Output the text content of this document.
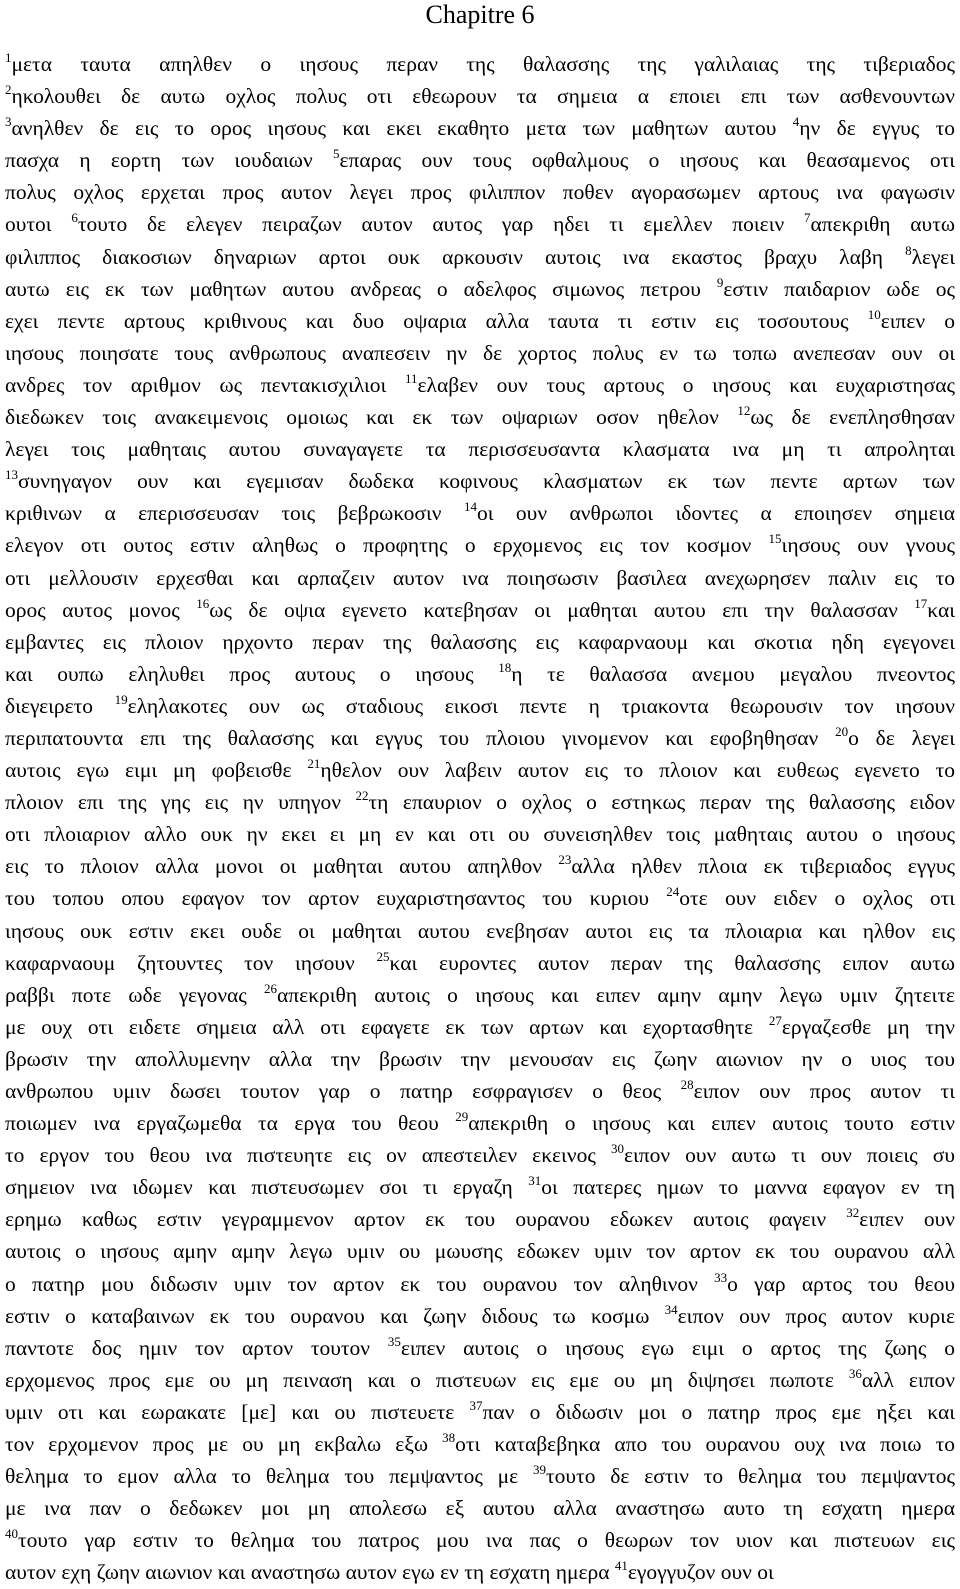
Chapitre 6
$^1$μετα ταυτα απηλθεν ο ιησους περαν της θαλασσης της γαλιλαιας της τιβεριαδος
$^2$ηκολουθει δε αυτω οχλος πολυς οτι εθεωρουν τα σημεια α εποιει επι των ασθενουντων
$^3$ανηλθεν δε εις το ορος ιησους και εκει εκαθητο μετα των μαθητων αυτου $^4$ην δε εγγυς το
πασχα η εορτη των ιουδαιων $^5$επαρας ουν τους οφθαλμους ο ιησους και θεασαμενος οτι
πολυς οχλος ερχεται προς αυτον λεγει προς φιλιππον ποθεν αγορασωμεν αρτους ινα φαγωσιν
ουτοι $^6$τουτο δε ελεγεν πειραζων αυτον αυτος γαρ ηδει τι εμελλεν ποιειν $^7$απεκριθη αυτω
φιλιππος διακοσιων δηναριων αρτοι ουκ αρκουσιν αυτοις ινα εκαστος βραχυ λαβη $^8$λεγει
αυτω εις εκ των μαθητων αυτου ανδρεας ο αδελφος σιμωνος πετρου $^9$εστιν παιδαριον ωδε ος
εχει πεντε αρτους κριθινους και δυο οψαρια αλλα ταυτα τι εστιν εις τοσουτους $^{10}$ειπεν ο
ιησους ποιησατε τους ανθρωπους αναπεσειν ην δε χορτος πολυς εν τω τοπω ανεπεσαν ουν οι
ανδρες τον αριθμον ως πεντακισχιλιοι $^{11}$ελαβεν ουν τους αρτους ο ιησους και ευχαριστησας
διεδωκεν τοις ανακειμενοις ομοιως και εκ των οψαριων οσον ηθελον $^{12}$ως δε ενεπλησθησαν
λεγει τοις μαθηταις αυτου συναγαγετε τα περισσευσαντα κλασματα ινα μη τι απροληται
$^{13}$συνηγαγον ουν και εγεμισαν δωδεκα κοφινους κλασματων εκ των πεντε αρτων των
κριθινων α επερισσευσαν τοις βεβρωκοσιν $^{14}$οι ουν ανθρωποι ιδοντες α εποιησεν σημεια
ελεγον οτι ουτος εστιν αληθως ο προφητης ο ερχομενος εις τον κοσμον $^{15}$ιησους ουν γνους
οτι μελλουσιν ερχεσθαι και αρπαζειν αυτον ινα ποιησωσιν βασιλεα ανεχωρησεν παλιν εις το
ορος αυτος μονος $^{16}$ως δε οψια εγενετο κατεβησαν οι μαθηται αυτου επι την θαλασσαν $^{17}$και
εμβαντες εις πλοιον ηρχοντο περαν της θαλασσης εις καφαρναουμ και σκοτια ηδη εγεγονει
και ουπω εληλυθει προς αυτους ο ιησους $^{18}$η τε θαλασσα ανεμου μεγαλου πνεοντος
διεγειρετο $^{19}$εληλακοτες ουν ως σταδιους εικοσι πεντε η τριακοντα θεωρουσιν τον ιησουν
περιπατουντα επι της θαλασσης και εγγυς του πλοιου γινομενον και εφοβηθησαν $^{20}$ο δε λεγει
αυτοις εγω ειμι μη φοβεισθε $^{21}$ηθελον ουν λαβειν αυτον εις το πλοιον και ευθεως εγενετο το
πλοιον επι της γης εις ην υπηγον $^{22}$τη επαυριον ο οχλος ο εστηκως περαν της θαλασσης ειδον
οτι πλοιαριον αλλο ουκ ην εκει ει μη εν και οτι ου συνεισηλθεν τοις μαθηταις αυτου ο ιησους
εις το πλοιον αλλα μονοι οι μαθηται αυτου απηλθον $^{23}$αλλα ηλθεν πλοια εκ τιβεριαδος εγγυς
του τοπου οπου εφαγον τον αρτον ευχαριστησαντος του κυριου $^{24}$οτε ουν ειδεν ο οχλος οτι
ιησους ουκ εστιν εκει ουδε οι μαθηται αυτου ενεβησαν αυτοι εις τα πλοιαρια και ηλθον εις
καφαρναουμ ζητουντες τον ιησουν $^{25}$και ευροντες αυτον περαν της θαλασσης ειπον αυτω
ραββι ποτε ωδε γεγονας $^{26}$απεκριθη αυτοις ο ιησους και ειπεν αμην αμην λεγω υμιν ζητειτε
με ουχ οτι ειδετε σημεια αλλ οτι εφαγετε εκ των αρτων και εχορτασθητε $^{27}$εργαζεσθε μη την
βρωσιν την απολλυμενην αλλα την βρωσιν την μενουσαν εις ζωην αιωνιον ην ο υιος του
ανθρωπου υμιν δωσει τουτον γαρ ο πατηρ εσφραγισεν ο θεος $^{28}$ειπον ουν προς αυτον τι
ποιωμεν ινα εργαζωμεθα τα εργα του θεου $^{29}$απεκριθη ο ιησους και ειπεν αυτοις τουτο εστιν
το εργον του θεου ινα πιστευητε εις ον απεστειλεν εκεινος $^{30}$ειπον ουν αυτω τι ουν ποιεις συ
σημειον ινα ιδωμεν και πιστευσωμεν σοι τι εργαζη $^{31}$οι πατερες ημων το μαννα εφαγον εν τη
ερημω καθως εστιν γεγραμμενον αρτον εκ του ουρανου εδωκεν αυτοις φαγειν $^{32}$ειπεν ουν
αυτοις ο ιησους αμην αμην λεγω υμιν ου μωυσης εδωκεν υμιν τον αρτον εκ του ουρανου αλλ
ο πατηρ μου διδωσιν υμιν τον αρτον εκ του ουρανου τον αληθινον $^{33}$ο γαρ αρτος του θεου
εστιν ο καταβαινων εκ του ουρανου και ζωην διδους τω κοσμω $^{34}$ειπον ουν προς αυτον κυριε
παντοτε δος ημιν τον αρτον τουτον $^{35}$ειπεν αυτοις ο ιησους εγω ειμι ο αρτος της ζωης ο
ερχομενος προς εμε ου μη πειναση και ο πιστευων εις εμε ου μη διψησει πωποτε $^{36}$αλλ ειπον
υμιν οτι και εωρακατε [με] και ου πιστευετε $^{37}$παν ο διδωσιν μοι ο πατηρ προς εμε ηξει και
τον ερχομενον προς με ου μη εκβαλω εξω $^{38}$οτι καταβεβηκα απο του ουρανου ουχ ινα ποιω το
θελημα το εμον αλλα το θελημα του πεμψαντος με $^{39}$τουτο δε εστιν το θελημα του πεμψαντος
με ινα παν ο δεδωκεν μοι μη απολεσω εξ αυτου αλλα αναστησω αυτο τη εσχατη ημερα
$^{40}$τουτο γαρ εστιν το θελημα του πατρος μου ινα πας ο θεωρων τον υιον και πιστευων εις
αυτον εχη ζωην αιωνιον και αναστησω αυτον εγω εν τη εσχατη ημερα $^{41}$εγογγυζον ουν οι
